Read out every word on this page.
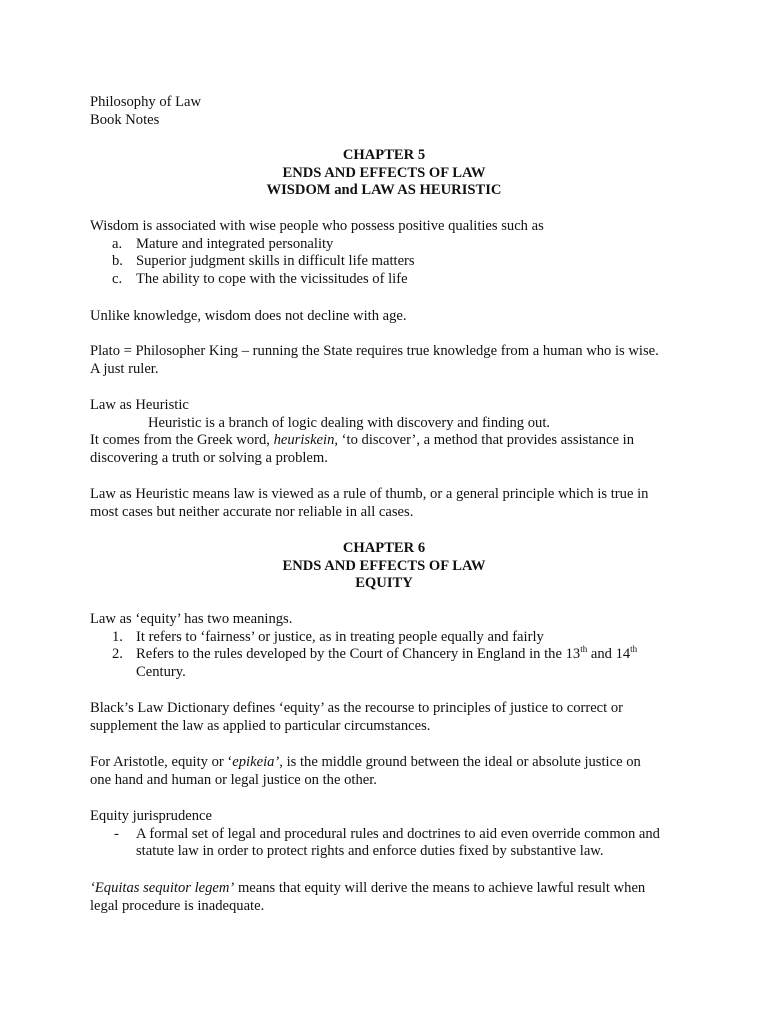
Philosophy of Law
Book Notes
CHAPTER 5
ENDS AND EFFECTS OF LAW
WISDOM and LAW AS HEURISTIC
Wisdom is associated with wise people who possess positive qualities such as
a. Mature and integrated personality
b. Superior judgment skills in difficult life matters
c. The ability to cope with the vicissitudes of life
Unlike knowledge, wisdom does not decline with age.
Plato = Philosopher King – running the State requires true knowledge from a human who is wise.
A just ruler.
Law as Heuristic
Heuristic is a branch of logic dealing with discovery and finding out.
It comes from the Greek word, heuriskein, ‘to discover’, a method that provides assistance in
discovering a truth or solving a problem.
Law as Heuristic means law is viewed as a rule of thumb, or a general principle which is true in
most cases but neither accurate nor reliable in all cases.
CHAPTER 6
ENDS AND EFFECTS OF LAW
EQUITY
Law as ‘equity’ has two meanings.
1. It refers to ‘fairness’ or justice, as in treating people equally and fairly
2. Refers to the rules developed by the Court of Chancery in England in the 13th and 14th
Century.
Black’s Law Dictionary defines ‘equity’ as the recourse to principles of justice to correct or
supplement the law as applied to particular circumstances.
For Aristotle, equity or ‘epikeia’, is the middle ground between the ideal or absolute justice on
one hand and human or legal justice on the other.
Equity jurisprudence
- A formal set of legal and procedural rules and doctrines to aid even override common and
statute law in order to protect rights and enforce duties fixed by substantive law.
‘Equitas sequitor legem’ means that equity will derive the means to achieve lawful result when
legal procedure is inadequate.
